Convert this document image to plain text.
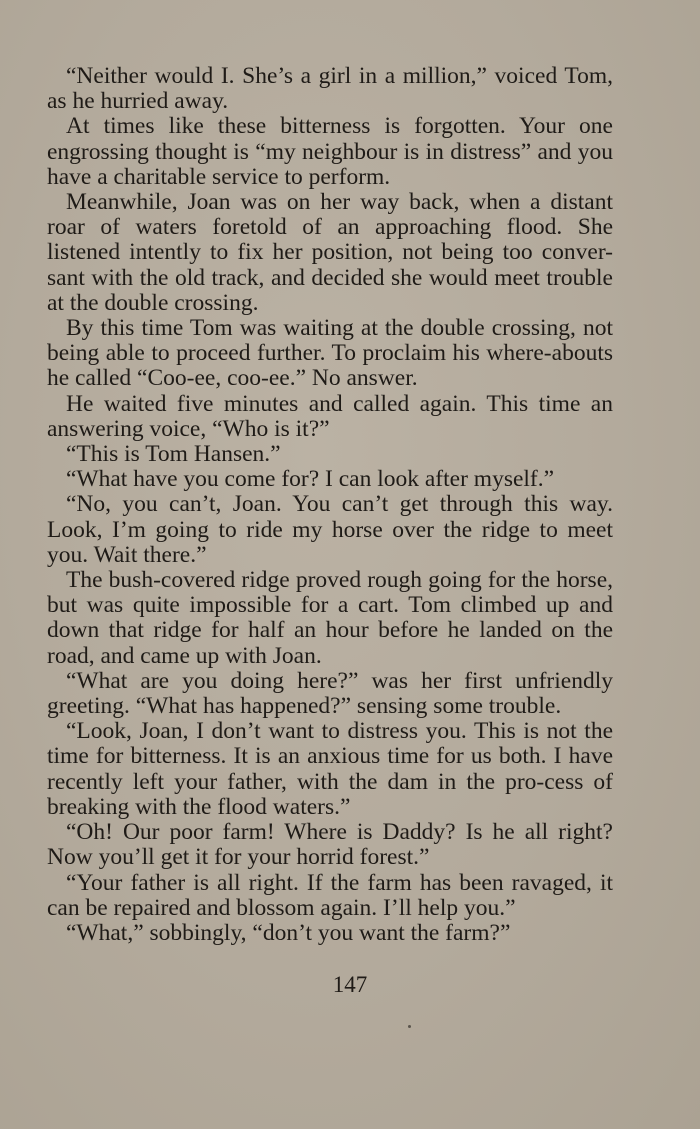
“Neither would I. She’s a girl in a million,” voiced Tom, as he hurried away.

At times like these bitterness is forgotten. Your one engrossing thought is “my neighbour is in distress” and you have a charitable service to perform.

Meanwhile, Joan was on her way back, when a distant roar of waters foretold of an approaching flood. She listened intently to fix her position, not being too conver-sant with the old track, and decided she would meet trouble at the double crossing.

By this time Tom was waiting at the double crossing, not being able to proceed further. To proclaim his where-abouts he called “Coo-ee, coo-ee.” No answer.

He waited five minutes and called again. This time an answering voice, “Who is it?”

“This is Tom Hansen.”

“What have you come for? I can look after myself.”

“No, you can’t, Joan. You can’t get through this way. Look, I’m going to ride my horse over the ridge to meet you. Wait there.”

The bush-covered ridge proved rough going for the horse, but was quite impossible for a cart. Tom climbed up and down that ridge for half an hour before he landed on the road, and came up with Joan.

“What are you doing here?” was her first unfriendly greeting. “What has happened?” sensing some trouble.

“Look, Joan, I don’t want to distress you. This is not the time for bitterness. It is an anxious time for us both. I have recently left your father, with the dam in the pro-cess of breaking with the flood waters.”

“Oh! Our poor farm! Where is Daddy? Is he all right? Now you’ll get it for your horrid forest.”

“Your father is all right. If the farm has been ravaged, it can be repaired and blossom again. I’ll help you.”

“What,” sobbingly, “don’t you want the farm?”

147
